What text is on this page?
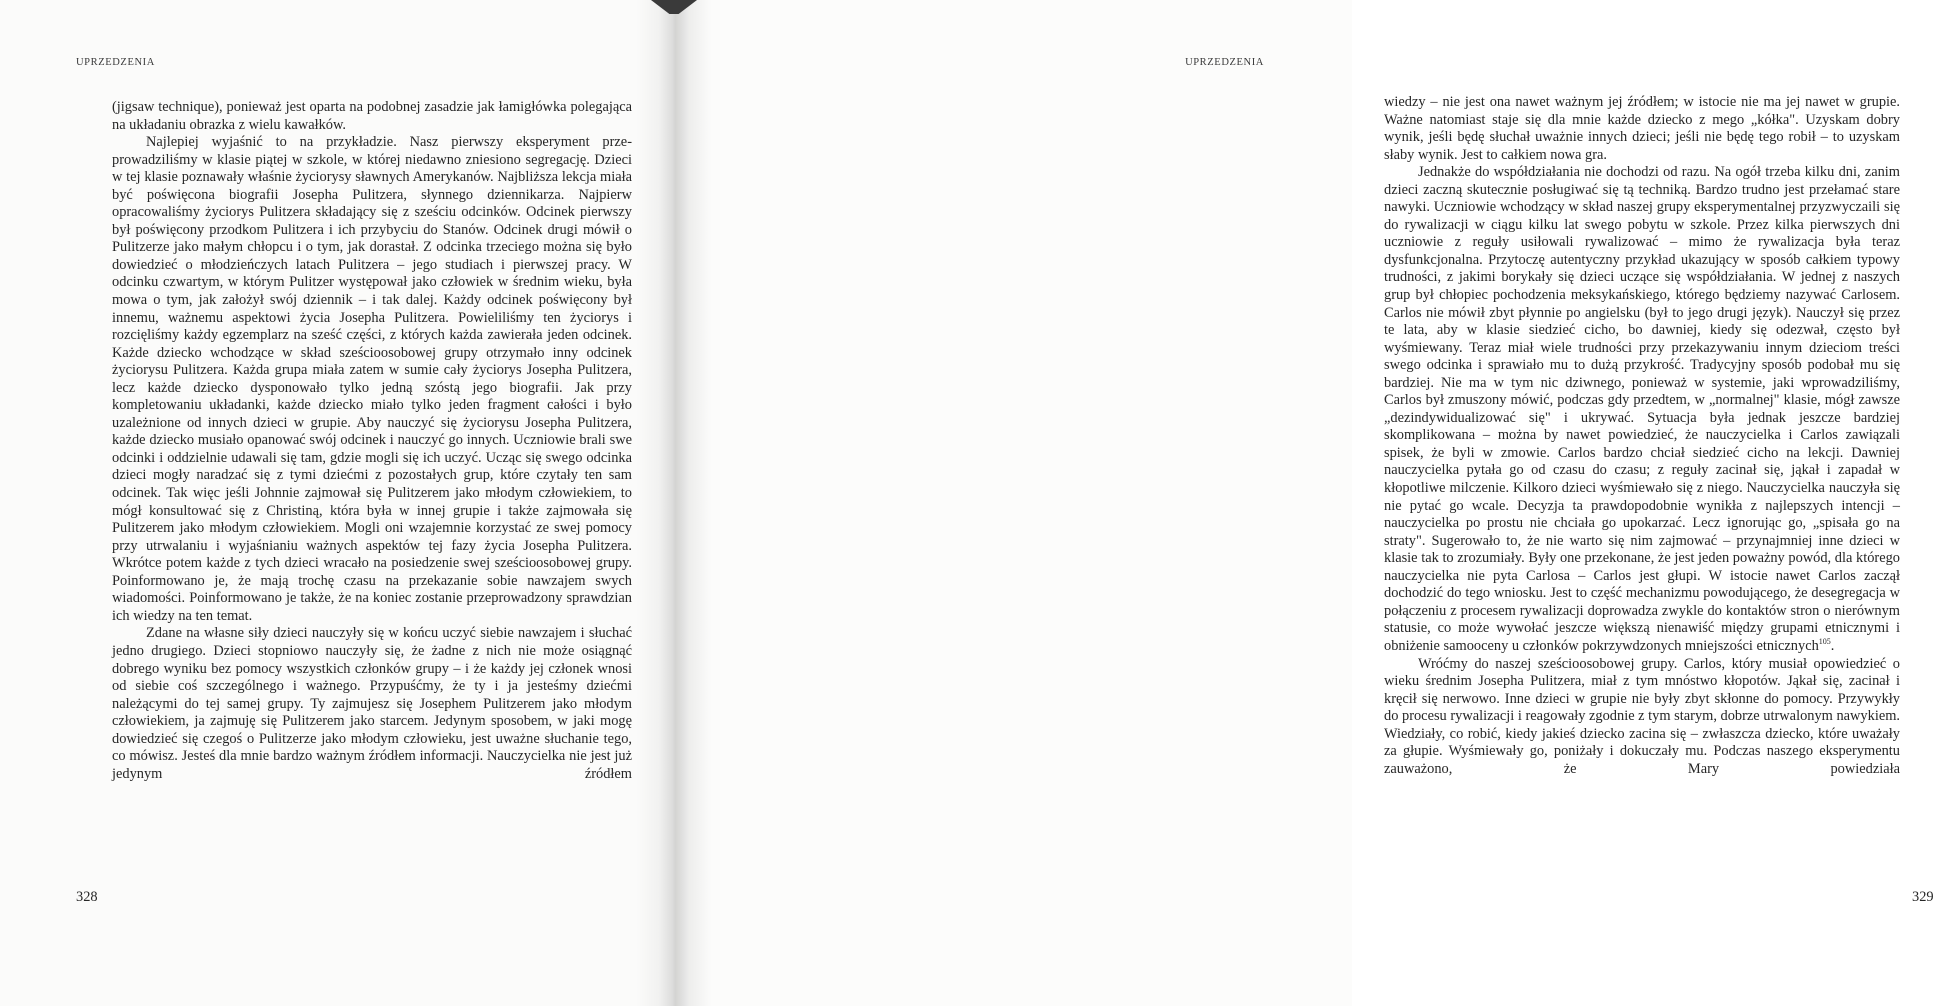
UPRZEDZENIA

(jigsaw technique), ponieważ jest oparta na podobnej zasadzie jak łamigłówka polegająca na układaniu obrazka z wielu kawałków.

Najlepiej wyjaśnić to na przykładzie. Nasz pierwszy eksperyment przeprowadziliśmy w klasie piątej w szkole, w której niedawno zniesiono segregację. Dzieci w tej klasie poznawały właśnie życiorysy sławnych Amerykanów. Najbliższa lekcja miała być poświęcona biografii Josepha Pulitzera, słynnego dziennikarza. Najpierw opracowaliśmy życiorys Pulitzera składający się z sześciu odcinków. Odcinek pierwszy był poświęcony przodkom Pulitzera i ich przybyciu do Stanów. Odcinek drugi mówił o Pulitzerze jako małym chłopcu i o tym, jak dorastał. Z odcinka trzeciego można się było dowiedzieć o młodzieńczych latach Pulitzera – jego studiach i pierwszej pracy. W odcinku czwartym, w którym Pulitzer występował jako człowiek w średnim wieku, była mowa o tym, jak założył swój dziennik – i tak dalej. Każdy odcinek poświęcony był innemu, ważnemu aspektowi życia Josepha Pulitzera. Powieliliśmy ten życiorys i rozcięliśmy każdy egzemplarz na sześć części, z których każda zawierała jeden odcinek. Każde dziecko wchodzące w skład sześcioosobowej grupy otrzymało inny odcinek życiorysu Pulitzera. Każda grupa miała zatem w sumie cały życiorys Josepha Pulitzera, lecz każde dziecko dysponowało tylko jedną szóstą jego biografii. Jak przy kompletowaniu układanki, każde dziecko miało tylko jeden fragment całości i było uzależnione od innych dzieci w grupie. Aby nauczyć się życiorysu Josepha Pulitzera, każde dziecko musiało opanować swój odcinek i nauczyć go innych. Uczniowie brali swe odcinki i oddzielnie udawali się tam, gdzie mogli się ich uczyć. Ucząc się swego odcinka dzieci mogły naradzać się z tymi dziećmi z pozostałych grup, które czytały ten sam odcinek. Tak więc jeśli Johnnie zajmował się Pulitzerem jako młodym człowiekiem, to mógł konsultować się z Christiną, która była w innej grupie i także zajmowała się Pulitzerem jako młodym człowiekiem. Mogli oni wzajemnie korzystać ze swej pomocy przy utrwalaniu i wyjaśnianiu ważnych aspektów tej fazy życia Josepha Pulitzera. Wkrótce potem każde z tych dzieci wracało na posiedzenie swej sześcioosobowej grupy. Poinformowano je, że mają trochę czasu na przekazanie sobie nawzajem swych wiadomości. Poinformowano je także, że na koniec zostanie przeprowadzony sprawdzian ich wiedzy na ten temat.

Zdane na własne siły dzieci nauczyły się w końcu uczyć siebie nawzajem i słuchać jedno drugiego. Dzieci stopniowo nauczyły się, że żadne z nich nie może osiągnąć dobrego wyniku bez pomocy wszystkich członków grupy – i że każdy jej członek wnosi od siebie coś szczególnego i ważnego. Przypuśćmy, że ty i ja jesteśmy dziećmi należącymi do tej samej grupy. Ty zajmujesz się Josephem Pulitzerem jako młodym człowiekiem, ja zajmuję się Pulitzerem jako starcem. Jedynym sposobem, w jaki mogę dowiedzieć się czegoś o Pulitzerze jako młodym człowieku, jest uważne słuchanie tego, co mówisz. Jesteś dla mnie bardzo ważnym źródłem informacji. Nauczycielka nie jest już jedynym źródłem

328
UPRZEDZENIA

wiedzy – nie jest ona nawet ważnym jej źródłem; w istocie nie ma jej nawet w grupie. Ważne natomiast staje się dla mnie każde dziecko z mego „kółka". Uzyskam dobry wynik, jeśli będę słuchał uważnie innych dzieci; jeśli nie będę tego robił – to uzyskam słaby wynik. Jest to całkiem nowa gra.

Jednakże do współdziałania nie dochodzi od razu. Na ogół trzeba kilku dni, zanim dzieci zaczną skutecznie posługiwać się tą techniką. Bardzo trudno jest przełamać stare nawyki. Uczniowie wchodzący w skład naszej grupy eksperymentalnej przyzwyczaili się do rywalizacji w ciągu kilku lat swego pobytu w szkole. Przez kilka pierwszych dni uczniowie z reguły usiłowali rywalizować – mimo że rywalizacja była teraz dysfunkcjonalna. Przytoczę autentyczny przykład ukazujący w sposób całkiem typowy trudności, z jakimi borykały się dzieci uczące się współdziałania. W jednej z naszych grup był chłopiec pochodzenia meksykańskiego, którego będziemy nazywać Carlosem. Carlos nie mówił zbyt płynnie po angielsku (był to jego drugi język). Nauczył się przez te lata, aby w klasie siedzieć cicho, bo dawniej, kiedy się odezwał, często był wyśmiewany. Teraz miał wiele trudności przy przekazywaniu innym dzieciom treści swego odcinka i sprawiało mu to dużą przykrość. Tradycyjny sposób podobał mu się bardziej. Nie ma w tym nic dziwnego, ponieważ w systemie, jaki wprowadziliśmy, Carlos był zmuszony mówić, podczas gdy przedtem, w „normalnej" klasie, mógł zawsze „dezindywidualizować się" i ukrywać. Sytuacja była jednak jeszcze bardziej skomplikowana – można by nawet powiedzieć, że nauczycielka i Carlos zawiązali spisek, że byli w zmowie. Carlos bardzo chciał siedzieć cicho na lekcji. Dawniej nauczycielka pytała go od czasu do czasu; z reguły zacinał się, jąkał i zapadał w kłopotliwe milczenie. Kilkoro dzieci wyśmiewało się z niego. Nauczycielka nauczyła się nie pytać go wcale. Decyzja ta prawdopodobnie wynikła z najlepszych intencji – nauczycielka po prostu nie chciała go upokarzać. Lecz ignorując go, „spisała go na straty". Sugerowało to, że nie warto się nim zajmować – przynajmniej inne dzieci w klasie tak to zrozumiały. Były one przekonane, że jest jeden poważny powód, dla którego nauczycielka nie pyta Carlosa – Carlos jest głupi. W istocie nawet Carlos zaczął dochodzić do tego wniosku. Jest to część mechanizmu powodującego, że desegregacja w połączeniu z procesem rywalizacji doprowadza zwykle do kontaktów stron o nierównym statusie, co może wywołać jeszcze większą nienawiść między grupami etnicznymi i obniżenie samooceny u członków pokrzywdzonych mniejszości etnicznych$^{105}$.

Wróćmy do naszej sześcioosobowej grupy. Carlos, który musiał opowiedzieć o wieku średnim Josepha Pulitzera, miał z tym mnóstwo kłopotów. Jąkał się, zacinał i kręcił się nerwowo. Inne dzieci w grupie nie były zbyt skłonne do pomocy. Przywykły do procesu rywalizacji i reagowały zgodnie z tym starym, dobrze utrwalonym nawykiem. Wiedziały, co robić, kiedy jakieś dziecko zacina się – zwłaszcza dziecko, które uważały za głupie. Wyśmiewały go, poniżały i dokuczały mu. Podczas naszego eksperymentu zauważono, że Mary powiedziała

329
